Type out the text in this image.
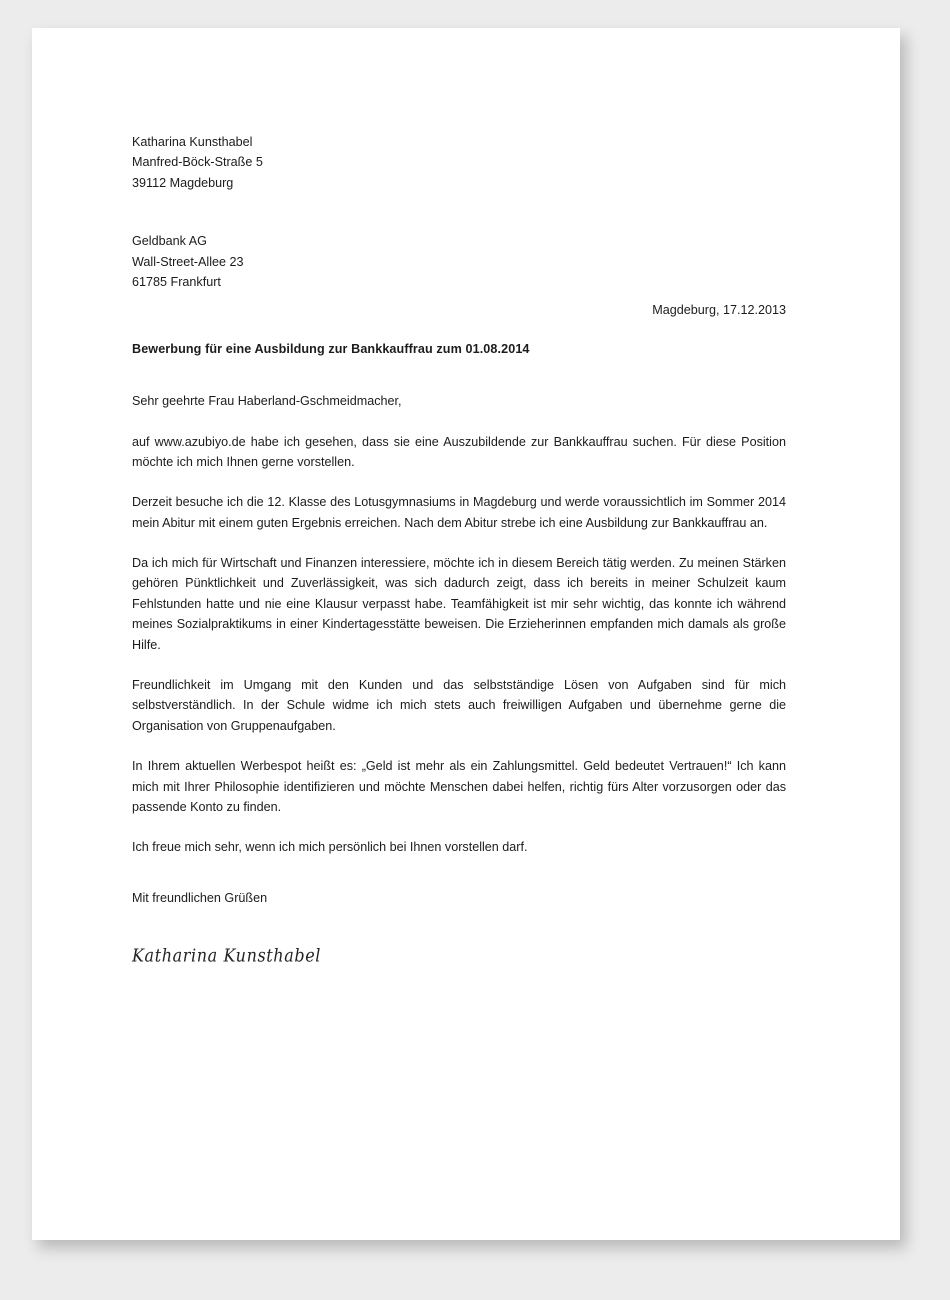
Katharina Kunsthabel
Manfred-Böck-Straße 5
39112 Magdeburg
Geldbank AG
Wall-Street-Allee 23
61785 Frankfurt
Magdeburg, 17.12.2013
Bewerbung für eine Ausbildung zur Bankkauffrau zum 01.08.2014
Sehr geehrte Frau Haberland-Gschmeidmacher,
auf www.azubiyo.de habe ich gesehen, dass sie eine Auszubildende zur Bankkauffrau suchen. Für diese Position möchte ich mich Ihnen gerne vorstellen.
Derzeit besuche ich die 12. Klasse des Lotusgymnasiums in Magdeburg und werde voraussichtlich im Sommer 2014 mein Abitur mit einem guten Ergebnis erreichen. Nach dem Abitur strebe ich eine Ausbildung zur Bankkauffrau an.
Da ich mich für Wirtschaft und Finanzen interessiere, möchte ich in diesem Bereich tätig werden. Zu meinen Stärken gehören Pünktlichkeit und Zuverlässigkeit, was sich dadurch zeigt, dass ich bereits in meiner Schulzeit kaum Fehlstunden hatte und nie eine Klausur verpasst habe. Teamfähigkeit ist mir sehr wichtig, das konnte ich während meines Sozialpraktikums in einer Kindertagesstätte beweisen. Die Erzieherinnen empfanden mich damals als große Hilfe.
Freundlichkeit im Umgang mit den Kunden und das selbstständige Lösen von Aufgaben sind für mich selbstverständlich. In der Schule widme ich mich stets auch freiwilligen Aufgaben und übernehme gerne die Organisation von Gruppenaufgaben.
In Ihrem aktuellen Werbespot heißt es: „Geld ist mehr als ein Zahlungsmittel. Geld bedeutet Vertrauen!“ Ich kann mich mit Ihrer Philosophie identifizieren und möchte Menschen dabei helfen, richtig fürs Alter vorzusorgen oder das passende Konto zu finden.
Ich freue mich sehr, wenn ich mich persönlich bei Ihnen vorstellen darf.
Mit freundlichen Grüßen
Katharina Kunsthabel
